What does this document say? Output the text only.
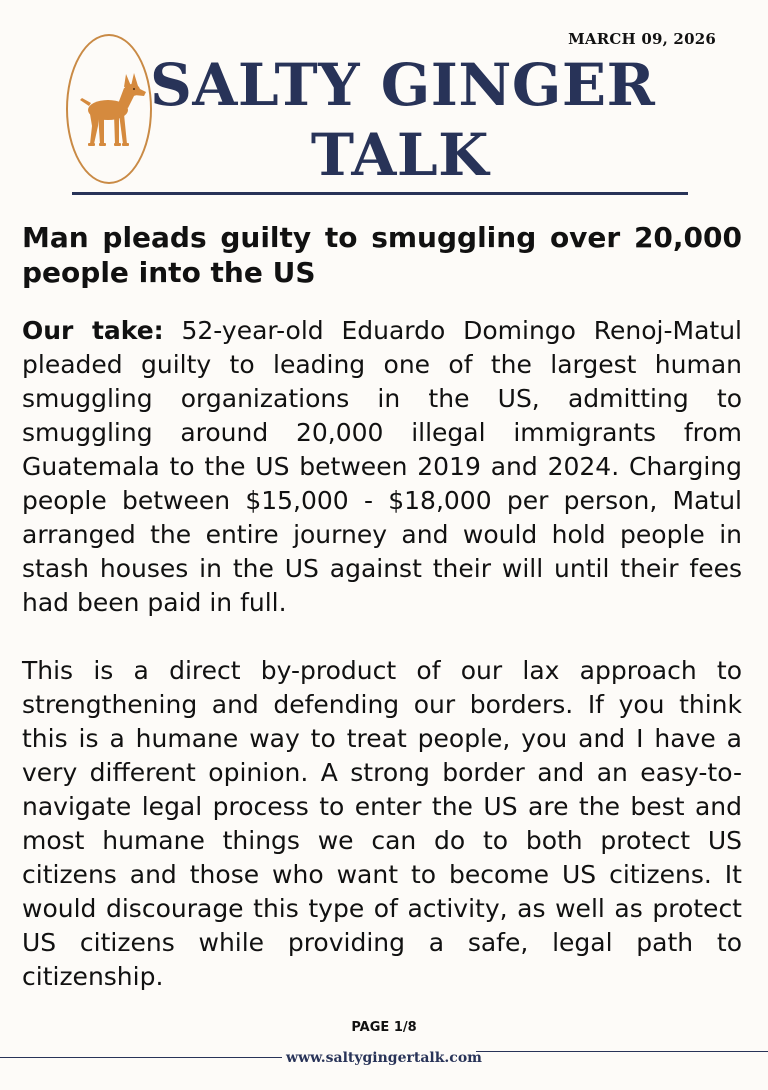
MARCH 09, 2026
SALTY GINGER
TALK
Man pleads guilty to smuggling over 20,000 people into the US

Our take: 52-year-old Eduardo Domingo Renoj-Matul pleaded guilty to leading one of the largest human smuggling organizations in the US, admitting to smuggling around 20,000 illegal immigrants from Guatemala to the US between 2019 and 2024. Charging people between $15,000 - $18,000 per person, Matul arranged the entire journey and would hold people in stash houses in the US against their will until their fees had been paid in full.

This is a direct by-product of our lax approach to strengthening and defending our borders. If you think this is a humane way to treat people, you and I have a very different opinion. A strong border and an easy-to-navigate legal process to enter the US are the best and most humane things we can do to both protect US citizens and those who want to become US citizens. It would discourage this type of activity, as well as protect US citizens while providing a safe, legal path to citizenship.

PAGE 1/8
www.saltygingertalk.com
